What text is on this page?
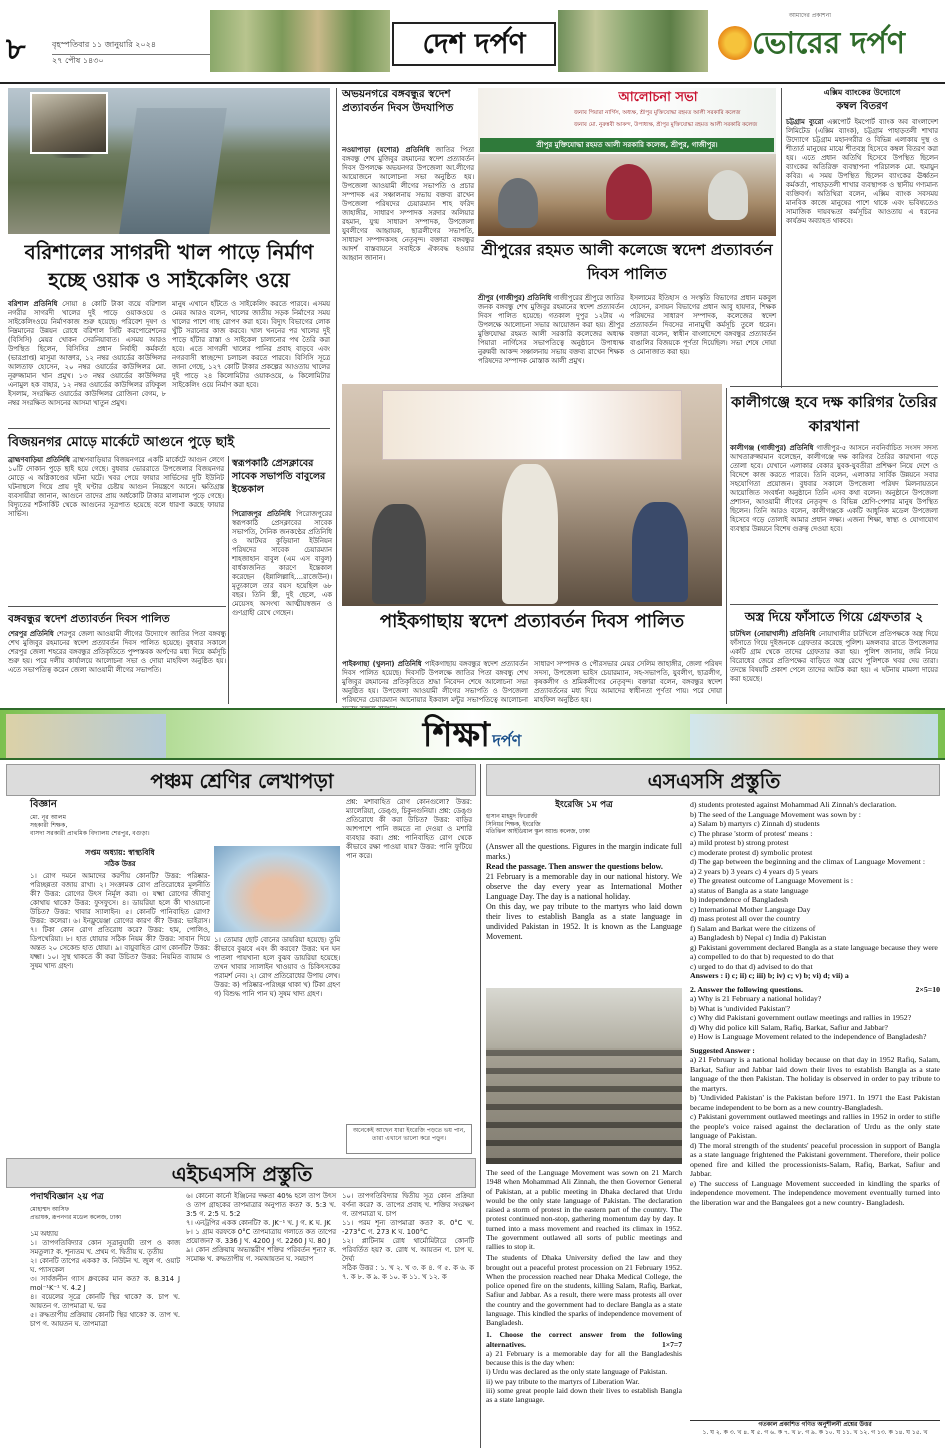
৮	বৃহস্পতিবার ১১ জানুয়ারি ২০২৪
২৭ পৌষ ১৪৩০
দেশ দর্পণ
আমাদের প্রকাশনা
ভোরের দর্পণ
বরিশালের সাগরদী খাল পাড়ে নির্মাণ হচ্ছে ওয়াক ও সাইকেলিং ওয়ে
বরিশাল প্রতিনিধি সোয়া ৪ কোটি টাকা ব্যয়ে বরিশাল নগরীর সাগরদী খালের দুই পাড়ে ওয়াকওয়ে ও সাইকেলিংওয়ে নির্মাণকাজ শুরু হয়েছে। পরিবেশ দূষণ ও নিম্নমানের উন্নয়ন রোধে বরিশাল সিটি করপোরেশনের (বিসিসি) মেয়র খোকন সেরনিয়াবাত। এসময় আরও উপস্থিত ছিলেন, বিসিসির প্রধান নির্বাহী কর্মকর্তা (ভারপ্রাপ্ত) মাসুমা আক্তার, ১২ নম্বর ওয়ার্ডের কাউন্সিলর আলতাফ হোসেন, ২০ নম্বর ওয়ার্ডের কাউন্সিলর মো. নূরুজ্জামান খান প্রমুখ। ১৩ নম্বর ওয়ার্ডের কাউন্সিলর এনামুল হক বাহার, ১২ নম্বর ওয়ার্ডের কাউন্সিলর রফিকুল ইসলাম, সংরক্ষিত ওয়ার্ডের কাউন্সিলর রোজিনা বেগম, ৮ নম্বর সংরক্ষিত আসনের আসমা খাতুন প্রমুখ।
মানুষ এখানে হাঁটতে ও সাইকেলিং করতে পারবে। এসময় মেয়র আরও বলেন, খালের জাতীয় সড়ক নির্মাণের সময় খালের পাশে গাছ রোপণ করা হবে। বিদ্যুৎ বিভাগের লোক খুঁটি সরানোর কাজ করবে। খাল খননের পর খালের দুই পাড়ে হাঁটার রাস্তা ও সাইকেল চালানোর পথ তৈরি করা হবে। এতে সাগরদী খালের পানির প্রবাহ বাড়বে এবং নগরবাসী স্বাচ্ছন্দ্যে চলাচল করতে পারবে। বিসিসি সূত্রে জানা গেছে, ১২৭ কোটি টাকার প্রকল্পের আওতায় খালের দুই পাড়ে ২৪ কিলোমিটার ওয়াকওয়ে, ৬ কিলোমিটার সাইকেলিং ওয়ে নির্মাণ করা হবে।
অভয়নগরে বঙ্গবন্ধুর স্বদেশ প্রত্যাবর্তন দিবস উদযাপিত
নওয়াপাড়া (যশোর) প্রতিনিধি জাতির পিতা বঙ্গবন্ধু শেখ মুজিবুর রহমানের স্বদেশ প্রত্যাবর্তন দিবস উপলক্ষে অভয়নগর উপজেলা আ.লীগের আয়োজনে আলোচনা সভা অনুষ্ঠিত হয়। উপজেলা আওয়ামী লীগের সভাপতি ও প্রচার সম্পাদক এর সঞ্চালনায় সভায় বক্তব্য রাখেন উপজেলা পরিষদের চেয়ারম্যান শাহ ফরিদ জাহাঙ্গীর, সাধারণ সম্পাদক সরদার অলিয়ার রহমান, যুগ্ম সাধারণ সম্পাদক, উপজেলা যুবলীগের আহ্বায়ক, ছাত্রলীগের সভাপতি, সাধারণ সম্পাদকসহ নেতৃবৃন্দ। বক্তারা বঙ্গবন্ধুর আদর্শ বাস্তবায়নে সবাইকে ঐক্যবদ্ধ হওয়ার আহ্বান জানান।
আলোচনা সভা
জনাব পিয়ারা নার্গিস, অধ্যক্ষ, শ্রীপুর মুক্তিযোদ্ধা রহমত আলী সরকারি কলেজ
জনাব মো. নুরুন্নবী আকন্দ, উপাধ্যক্ষ, শ্রীপুর মুক্তিযোদ্ধা রহমত আলী সরকারি কলেজ
শ্রীপুর মুক্তিযোদ্ধা রহমত আলী সরকারি কলেজ, শ্রীপুর, গাজীপুর।
শ্রীপুরের রহমত আলী কলেজে স্বদেশ প্রত্যাবর্তন দিবস পালিত
শ্রীপুর (গাজীপুর) প্রতিনিধি গাজীপুরের শ্রীপুরে জাতির জনক বঙ্গবন্ধু শেখ মুজিবুর রহমানের স্বদেশ প্রত্যাবর্তন দিবস পালিত হয়েছে। গতকাল দুপুর ১২টায় এ উপলক্ষে আলোচনা সভার আয়োজন করা হয়। শ্রীপুর মুক্তিযোদ্ধা রহমত আলী সরকারি কলেজের অধ্যক্ষ পিয়ারা নার্গিসের সভাপতিত্বে অনুষ্ঠানে উপাধ্যক্ষ নুরুন্নবী আকন্দ সঞ্চালনায় সভায় বক্তব্য রাখেন শিক্ষক পরিষদের সম্পাদক মোস্তাক আলী প্রমুখ।
ইসলামের ইতিহাস ও সংস্কৃতি বিভাগের প্রধান মকবুল হোসেন, রসায়ন বিভাগের প্রধান আবু হায়দার, শিক্ষক পরিষদের সাধারণ সম্পাদক, কলেজের স্বদেশ প্রত্যাবর্তন দিবসের নানামুখী কর্মসূচি তুলে ধরেন। বক্তারা বলেন, স্বাধীন বাংলাদেশে বঙ্গবন্ধুর প্রত্যাবর্তন বাঙালির বিজয়কে পূর্ণতা দিয়েছিল। সভা শেষে দোয়া ও মোনাজাত করা হয়।
এক্সিম ব্যাংকের উদ্যোগে
কম্বল বিতরণ
চট্টগ্রাম ব্যুরো এক্সপোর্ট ইমপোর্ট ব্যাংক অব বাংলাদেশ লিমিটেড (এক্সিম ব্যাংক), চট্টগ্রাম পাহাড়তলী শাখার উদ্যোগে চট্টগ্রাম মহানগরীর ও বিভিন্ন এলাকায় দুস্থ ও শীতার্ত মানুষের মাঝে শীতবস্ত্র হিসেবে কম্বল বিতরণ করা হয়। এতে প্রধান অতিথি হিসেবে উপস্থিত ছিলেন ব্যাংকের অতিরিক্ত ব্যবস্থাপনা পরিচালক মো. হুমায়ুন কবির। এ সময় উপস্থিত ছিলেন ব্যাংকের ঊর্ধ্বতন কর্মকর্তা, পাহাড়তলী শাখার ব্যবস্থাপক ও স্থানীয় গণ্যমান্য ব্যক্তিবর্গ। অতিথিরা বলেন, এক্সিম ব্যাংক সবসময় মানবিক কাজে মানুষের পাশে থাকে এবং ভবিষ্যতেও সামাজিক দায়বদ্ধতা কর্মসূচির আওতায় এ ধরনের কার্যক্রম অব্যাহত থাকবে।
বিজয়নগর মোড়ে মার্কেটে আগুনে পুড়ে ছাই
ব্রাহ্মণবাড়িয়া প্রতিনিধি ব্রাহ্মণবাড়িয়ার বিজয়নগরে একটি মার্কেটে আগুন লেগে ১০টি দোকান পুড়ে ছাই হয়ে গেছে। বুধবার ভোররাতে উপজেলার বিজয়নগর মোড়ে এ অগ্নিকাণ্ডের ঘটনা ঘটে। খবর পেয়ে ফায়ার সার্ভিসের দুটি ইউনিট ঘটনাস্থলে গিয়ে প্রায় দুই ঘণ্টার চেষ্টায় আগুন নিয়ন্ত্রণে আনে। ক্ষতিগ্রস্ত ব্যবসায়ীরা জানান, আগুনে তাদের প্রায় অর্ধকোটি টাকার মালামাল পুড়ে গেছে। বিদ্যুতের শর্টসার্কিট থেকে আগুনের সূত্রপাত হয়েছে বলে ধারণা করছে ফায়ার সার্ভিস।
স্বরূপকাঠি প্রেসক্লাবের সাবেক সভাপতি বাবুলের ইন্তেকাল
পিরোজপুর প্রতিনিধি পিরোজপুরের স্বরূপকাঠি প্রেসক্লাবের সাবেক সভাপতি, দৈনিক জনকণ্ঠের প্রতিনিধি ও আটঘর কুড়িয়ানা ইউনিয়ন পরিষদের সাবেক চেয়ারম্যান শাহজাহান বাবুল (এম এস বাবুল) বার্ধক্যজনিত কারণে ইন্তেকাল করেছেন (ইন্নালিল্লাহি....রাজেউন)। মৃত্যুকালে তার বয়স হয়েছিল ৬৮ বছর। তিনি স্ত্রী, দুই ছেলে, এক মেয়েসহ অসংখ্য আত্মীয়স্বজন ও গুণগ্রাহী রেখে গেছেন।
বঙ্গবন্ধুর স্বদেশ প্রত্যাবর্তন দিবস পালিত
শেরপুর প্রতিনিধি শেরপুর জেলা আওয়ামী লীগের উদ্যোগে জাতির পিতা বঙ্গবন্ধু শেখ মুজিবুর রহমানের স্বদেশ প্রত্যাবর্তন দিবস পালিত হয়েছে। বুধবার সকালে শেরপুর জেলা শহরের বঙ্গবন্ধুর প্রতিকৃতিতে পুষ্পস্তবক অর্পণের মধ্য দিয়ে কর্মসূচি শুরু হয়। পরে দলীয় কার্যালয়ে আলোচনা সভা ও দোয়া মাহফিল অনুষ্ঠিত হয়। এতে সভাপতিত্ব করেন জেলা আওয়ামী লীগের সভাপতি।
পাইকগাছায় স্বদেশ প্রত্যাবর্তন দিবস পালিত
পাইকগাছা (খুলনা) প্রতিনিধি পাইকগাছায় বঙ্গবন্ধুর স্বদেশ প্রত্যাবর্তন দিবস পালিত হয়েছে। দিবসটি উপলক্ষে জাতির পিতা বঙ্গবন্ধু শেখ মুজিবুর রহমানের প্রতিকৃতিতে শ্রদ্ধা নিবেদন শেষে আলোচনা সভা অনুষ্ঠিত হয়। উপজেলা আওয়ামী লীগের সভাপতি ও উপজেলা পরিষদের চেয়ারম্যান আনোয়ার ইকবাল মন্টুর সভাপতিত্বে আলোচনা
সাধারণ সম্পাদক ও পৌরসভার মেয়র সেলিম জাহাঙ্গীর, জেলা পরিষদ সদস্য, উপজেলা ভাইস চেয়ারম্যান, সহ-সভাপতি, যুবলীগ, ছাত্রলীগ, কৃষকলীগ ও শ্রমিকলীগের নেতৃবৃন্দ। বক্তারা বলেন, বঙ্গবন্ধুর স্বদেশ প্রত্যাবর্তনের মধ্য দিয়ে আমাদের স্বাধীনতা পূর্ণতা পায়। পরে দোয়া মাহফিল অনুষ্ঠিত হয়।
কালীগঞ্জে হবে দক্ষ কারিগর তৈরির কারখানা
কালীগঞ্জ (গাজীপুর) প্রতিনিধি গাজীপুর-৫ আসনে নবনির্বাচিত সংসদ সদস্য আখতারুজ্জামান বলেছেন, কালীগঞ্জে দক্ষ কারিগর তৈরির কারখানা গড়ে তোলা হবে। যেখানে এলাকার বেকার যুবক-যুবতীরা প্রশিক্ষণ নিয়ে দেশে ও বিদেশে কাজ করতে পারবে। তিনি বলেন, এলাকার সার্বিক উন্নয়নে সবার সহযোগিতা প্রয়োজন। বুধবার সকালে উপজেলা পরিষদ মিলনায়তনে আয়োজিত সংবর্ধনা অনুষ্ঠানে তিনি এসব কথা বলেন। অনুষ্ঠানে উপজেলা প্রশাসন, আওয়ামী লীগের নেতৃবৃন্দ ও বিভিন্ন শ্রেণি-পেশার মানুষ উপস্থিত ছিলেন। তিনি আরও বলেন, কালীগঞ্জকে একটি আধুনিক মডেল উপজেলা হিসেবে গড়ে তোলাই আমার প্রধান লক্ষ্য। এজন্য শিক্ষা, স্বাস্থ্য ও যোগাযোগ ব্যবস্থার উন্নয়নে বিশেষ গুরুত্ব দেওয়া হবে।
অস্ত্র দিয়ে ফাঁসাতে গিয়ে গ্রেফতার ২
চাটখিল (নোয়াখালী) প্রতিনিধি নোয়াখালীর চাটখিলে প্রতিপক্ষকে অস্ত্র দিয়ে ফাঁসাতে গিয়ে দুইজনকে গ্রেফতার করেছে পুলিশ। মঙ্গলবার রাতে উপজেলার একটি গ্রাম থেকে তাদের গ্রেফতার করা হয়। পুলিশ জানায়, জমি নিয়ে বিরোধের জেরে প্রতিপক্ষের বাড়িতে অস্ত্র রেখে পুলিশকে খবর দেয় তারা। তদন্তে বিষয়টি প্রকাশ পেলে তাদের আটক করা হয়। এ ঘটনায় মামলা দায়ের করা হয়েছে।
শিক্ষা দর্পণ
পঞ্চম শ্রেণির লেখাপড়া
বিজ্ঞান
মো. নূর আলম
সহকারী শিক্ষক,
বাসদা সরকারী প্রাথমিক বিদ্যালয় শেরপুর, বগুড়া।
সপ্তম অধ্যায়: স্বাস্থ্যবিধি
সঠিক উত্তর
১। রোগ দমনে আমাদের করণীয় কোনটি? উত্তর: পরিষ্কার-পরিচ্ছন্নতা বজায় রাখা। ২। সংক্রামক রোগ প্রতিরোধের মূলনীতি কী? উত্তর: রোগের উৎস নির্মূল করা। ৩। যক্ষ্মা রোগের জীবাণু কোথায় থাকে? উত্তর: ফুসফুসে। ৪। ডায়রিয়া হলে কী খাওয়ানো উচিত? উত্তর: খাবার স্যালাইন। ৫। কোনটি পানিবাহিত রোগ? উত্তর: কলেরা। ৬। ইনফ্লুয়েঞ্জা রোগের কারণ কী? উত্তর: ভাইরাস। ৭। টিকা কোন রোগ প্রতিরোধ করে? উত্তর: হাম, পোলিও, ডিপথেরিয়া। ৮। হাত ধোয়ার সঠিক নিয়ম কী? উত্তর: সাবান দিয়ে অন্তত ২০ সেকেন্ড হাত ধোয়া। ৯। বায়ুবাহিত রোগ কোনটি? উত্তর: যক্ষ্মা। ১০। সুস্থ থাকতে কী করা উচিত? উত্তর: নিয়মিত ব্যায়াম ও সুষম খাদ্য গ্রহণ।
১। তোমার ছোট বোনের ডায়রিয়া হয়েছে। তুমি কীভাবে বুঝবে এবং কী করবে? উত্তর: ঘন ঘন পাতলা পায়খানা হলে বুঝব ডায়রিয়া হয়েছে। তখন খাবার স্যালাইন খাওয়াব ও চিকিৎসকের পরামর্শ নেব। ২। রোগ প্রতিরোধের উপায় লেখ। উত্তর: ক) পরিষ্কার-পরিচ্ছন্ন থাকা খ) টিকা গ্রহণ গ) বিশুদ্ধ পানি পান ঘ) সুষম খাদ্য গ্রহণ।
প্রশ্ন: মশাবাহিত রোগ কোনগুলো? উত্তর: ম্যালেরিয়া, ডেঙ্গু, চিকুনগুনিয়া। প্রশ্ন: ডেঙ্গু প্রতিরোধে কী করা উচিত? উত্তর: বাড়ির আশপাশে পানি জমতে না দেওয়া ও মশারি ব্যবহার করা। প্রশ্ন: পানিবাহিত রোগ থেকে কীভাবে রক্ষা পাওয়া যায়? উত্তর: পানি ফুটিয়ে পান করে।
অনেকেই আছেন যারা ইংরেজি পড়তে ভয় পান, তারা এখানে ভালো করে পড়ুন।
এইচএসসি প্রস্তুতি
পদার্থবিজ্ঞান ২য় পত্র
মোহাম্মদ আসিফ
প্রভাষক, রূপনগর মডেল কলেজ, ঢাকা
১ম অধ্যায়
১। তাপগতিবিদ্যার কোন সূত্রানুযায়ী তাপ ও কাজ সমতুল্য? ক. শূন্যতম খ. প্রথম গ. দ্বিতীয় ঘ. তৃতীয়
২। কোনটি তাপের একক? ক. নিউটন খ. জুল গ. ওয়াট ঘ. প্যাসকেল
৩। সার্বজনীন গ্যাস ধ্রুবকের মান কত? ক. 8.314 J mol⁻¹K⁻¹ খ. 4.2 J
৪। বয়েলের সূত্রে কোনটি স্থির থাকে? ক. চাপ খ. আয়তন গ. তাপমাত্রা ঘ. ভর
৫। রুদ্ধতাপীয় প্রক্রিয়ায় কোনটি স্থির থাকে? ক. তাপ খ. চাপ গ. আয়তন ঘ. তাপমাত্রা
৬। কোনো কার্নো ইঞ্জিনের দক্ষতা 40% হলে তাপ উৎস ও তাপ গ্রাহকের তাপমাত্রার অনুপাত কত? ক. 5:3 খ. 3:5 গ. 2:5 ঘ. 5:2
৭। এনট্রপির একক কোনটি? ক. JK⁻¹ খ. J গ. K ঘ. JK
৮। ১ গ্রাম বরফকে 0°C তাপমাত্রায় গলাতে কত তাপের প্রয়োজন? ক. 336 J খ. 4200 J গ. 2260 J ঘ. 80 J
৯। কোন প্রক্রিয়ায় অভ্যন্তরীণ শক্তির পরিবর্তন শূন্য? ক. সমোষ্ণ খ. রুদ্ধতাপীয় গ. সমআয়তন ঘ. সমচাপ
১০। তাপগতিবিদ্যার দ্বিতীয় সূত্র কোন প্রক্রিয়া বর্ণনা করে? ক. তাপের প্রবাহ খ. শক্তির সংরক্ষণ গ. তাপমাত্রা ঘ. চাপ
১১। পরম শূন্য তাপমাত্রা কত? ক. 0°C খ. -273°C গ. 273 K ঘ. 100°C
১২। প্লাটিনাম রোধ থার্মোমিটারে কোনটি পরিবর্তিত হয়? ক. রোধ খ. আয়তন গ. চাপ ঘ. দৈর্ঘ্য
সঠিক উত্তর : ১. খ ২. খ ৩. ক ৪. গ ৫. ক ৬. ক ৭. ক ৮. ক ৯. ক ১০. ক ১১. খ ১২. ক
এসএসসি প্রস্তুতি
ইংরেজি ১ম পত্র
হাসান মাহমুদ ফিরোজী
সিনিয়র শিক্ষক, ইংরেজি
মতিঝিল আইডিয়াল স্কুল অ্যান্ড কলেজ, ঢাকা
(Answer all the questions. Figures in the margin indicate full marks.)
Read the passage. Then answer the questions below.
21 February is a memorable day in our national history. We observe the day every year as International Mother Language Day. The day is a national holiday.
On this day, we pay tribute to the martyrs who laid down their lives to establish Bangla as a state language in undivided Pakistan in 1952. It is known as the Language Movement.
The seed of the Language Movement was sown on 21 March 1948 when Mohammad Ali Zinnah, the then Governor General of Pakistan, at a public meeting in Dhaka declared that Urdu would be the only state language of Pakistan. The declaration raised a storm of protest in the eastern part of the country. The protest continued non-stop, gathering momentum day by day. It turned into a mass movement and reached its climax in 1952. The government outlawed all sorts of public meetings and rallies to stop it.
The students of Dhaka University defied the law and they brought out a peaceful protest procession on 21 February 1952. When the procession reached near Dhaka Medical College, the police opened fire on the students, killing Salam, Rafiq, Barkat, Safiur and Jabbar. As a result, there were mass protests all over the country and the government had to declare Bangla as a state language. This kindled the sparks of independence movement of Bangladesh.
1. Choose the correct answer from the following alternatives.	1×7=7
a) 21 February is a memorable day for all the Bangladeshis because this is the day when:
i) Urdu was declared as the only state language of Pakistan.
ii) we pay tribute to the martyrs of Liberation War.
iii) some great people laid down their lives to establish Bangla as a state language.
d) students protested against Mohammad Ali Zinnah's declaration.
b) The seed of the Language Movement was sown by :
a) Salam b) martyrs c) Zinnah d) students
c) The phrase 'storm of protest' means :
a) mild protest b) strong protest
c) moderate protest d) symbolic protest
d) The gap between the beginning and the climax of Language Movement :
a) 2 years b) 3 years c) 4 years d) 5 years
e) The greatest outcome of Language Movement is :
a) status of Bangla as a state language
b) independence of Bangladesh
c) International Mother Language Day
d) mass protest all over the country
f) Salam and Barkat were the citizens of
a) Bangladesh b) Nepal c) India d) Pakistan
g) Pakistani government declared Bangla as a state language because they were
a) compelled to do that b) requested to do that
c) urged to do that d) advised to do that
Answers : i) c; ii) c; iii) b; iv) c; v) b; vi) d; vii) a
2. Answer the following questions.	2×5=10
a) Why is 21 February a national holiday?
b) What is 'undivided Pakistan'?
c) Why did Pakistani government outlaw meetings and rallies in 1952?
d) Why did police kill Salam, Rafiq, Barkat, Safiur and Jabbar?
e) How is Language Movement related to the independence of Bangladesh?
Suggested Answer :
a) 21 February is a national holiday because on that day in 1952 Rafiq, Salam, Barkat, Safiur and Jabbar laid down their lives to establish Bangla as a state language of the then Pakistan. The holiday is observed in order to pay tribute to the martyrs.
b) 'Undivided Pakistan' is the Pakistan before 1971. In 1971 the East Pakistan became independent to be born as a new country-Bangladesh.
c) Pakistani government outlawed meetings and rallies in 1952 in order to stifle the people's voice raised against the declaration of Urdu as the only state language of Pakistan.
d) The moral strength of the students' peaceful procession in support of Bangla as a state language frightened the Pakistani government. Therefore, their police opened fire and killed the processionists-Salam, Rafiq, Barkat, Safiur and Jabbar.
e) The success of Language Movement succeeded in kindling the sparks of independence movement. The independence movement eventually turned into the liberation war and the Bangalees got a new country- Bangladesh.
গতকাল প্রকাশিত গণিত অনুশীলনী প্রশ্নের উত্তর
১. ঘ ২. ক ৩. খ ৪. ঘ ৫. গ ৬. ক ৭. খ ৮. গ ৯. ক ১০. ঘ ১১. খ ১২. গ ১৩. ক ১৪. ঘ ১৫. খ
